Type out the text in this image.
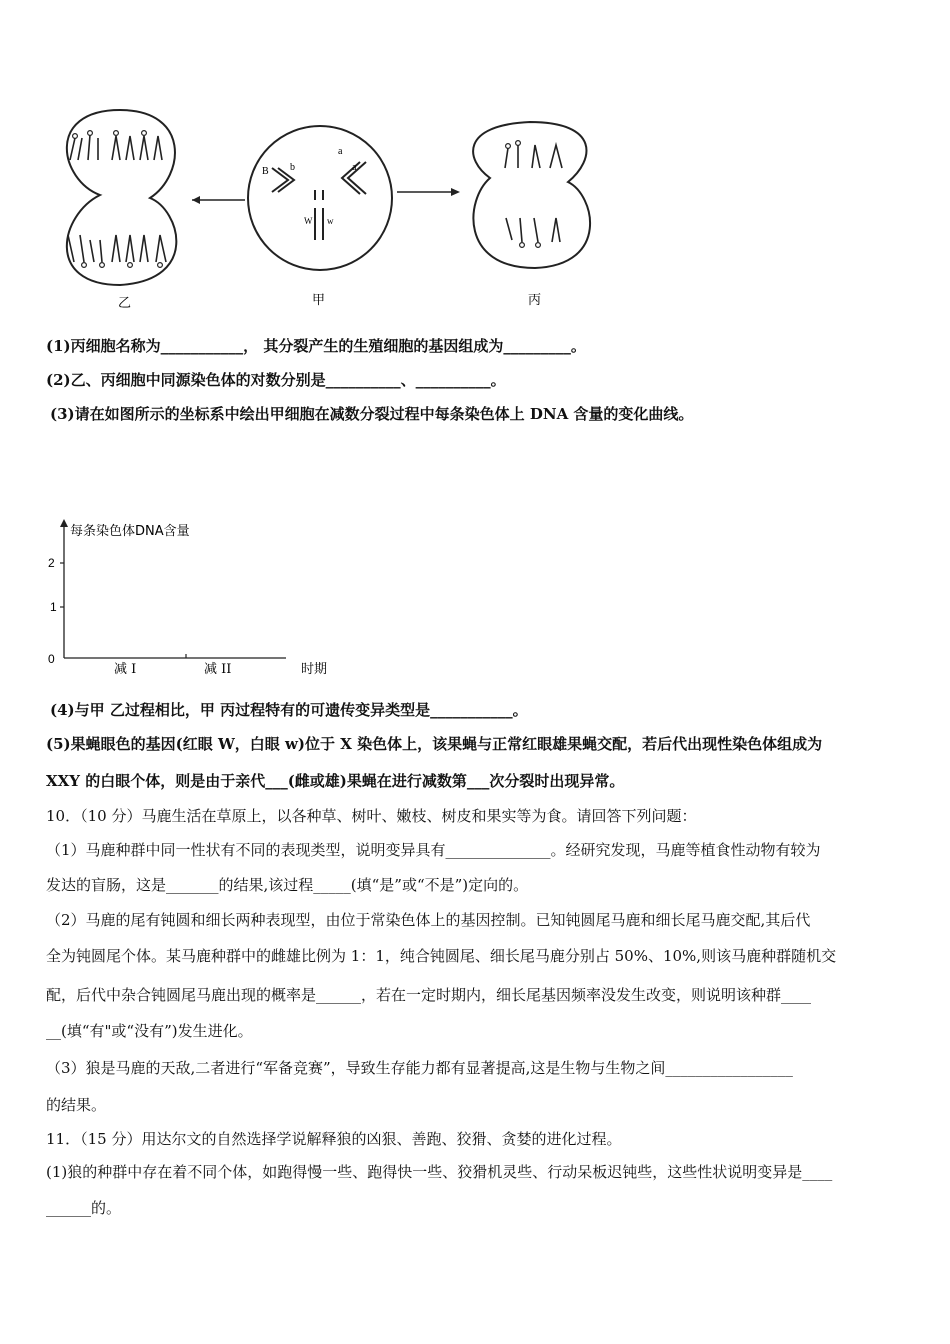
B b
a
a
W w
乙	甲	丙
(1)丙细胞名称为___________， 其分裂产生的生殖细胞的基因组成为_________。
(2)乙、丙细胞中同源染色体的对数分别是__________、__________。
(3)请在如图所示的坐标系中绘出甲细胞在减数分裂过程中每条染色体上 DNA 含量的变化曲线。
每条染色体DNA含量
2
1
0
减 I	减 II	时期
(4)与甲 乙过程相比，甲 丙过程特有的可遗传变异类型是___________。
(5)果蝇眼色的基因(红眼 W，白眼 w)位于 X 染色体上，该果蝇与正常红眼雄果蝇交配，若后代出现性染色体组成为
XXY 的白眼个体，则是由于亲代___(雌或雄)果蝇在进行减数第___次分裂时出现异常。
10．（10 分）马鹿生活在草原上，以各种草、树叶、嫩枝、树皮和果实等为食。请回答下列问题：
（1）马鹿种群中同一性状有不同的表现类型，说明变异具有______________。经研究发现，马鹿等植食性动物有较为
发达的盲肠，这是_______的结果,该过程_____(填“是”或“不是”)定向的。
（2）马鹿的尾有钝圆和细长两种表现型，由位于常染色体上的基因控制。已知钝圆尾马鹿和细长尾马鹿交配,其后代
全为钝圆尾个体。某马鹿种群中的雌雄比例为 1：1，纯合钝圆尾、细长尾马鹿分别占 50%、10%,则该马鹿种群随机交
配，后代中杂合钝圆尾马鹿出现的概率是______，若在一定时期内，细长尾基因频率没发生改变，则说明该种群____
__(填“有"或“没有”)发生进化。
（3）狼是马鹿的天敌,二者进行“军备竞赛”，导致生存能力都有显著提高,这是生物与生物之间_________________
的结果。
11．（15 分）用达尔文的自然选择学说解释狼的凶狠、善跑、狡猾、贪婪的进化过程。
(1)狼的种群中存在着不同个体，如跑得慢一些、跑得快一些、狡猾机灵些、行动呆板迟钝些，这些性状说明变异是____
______的。
